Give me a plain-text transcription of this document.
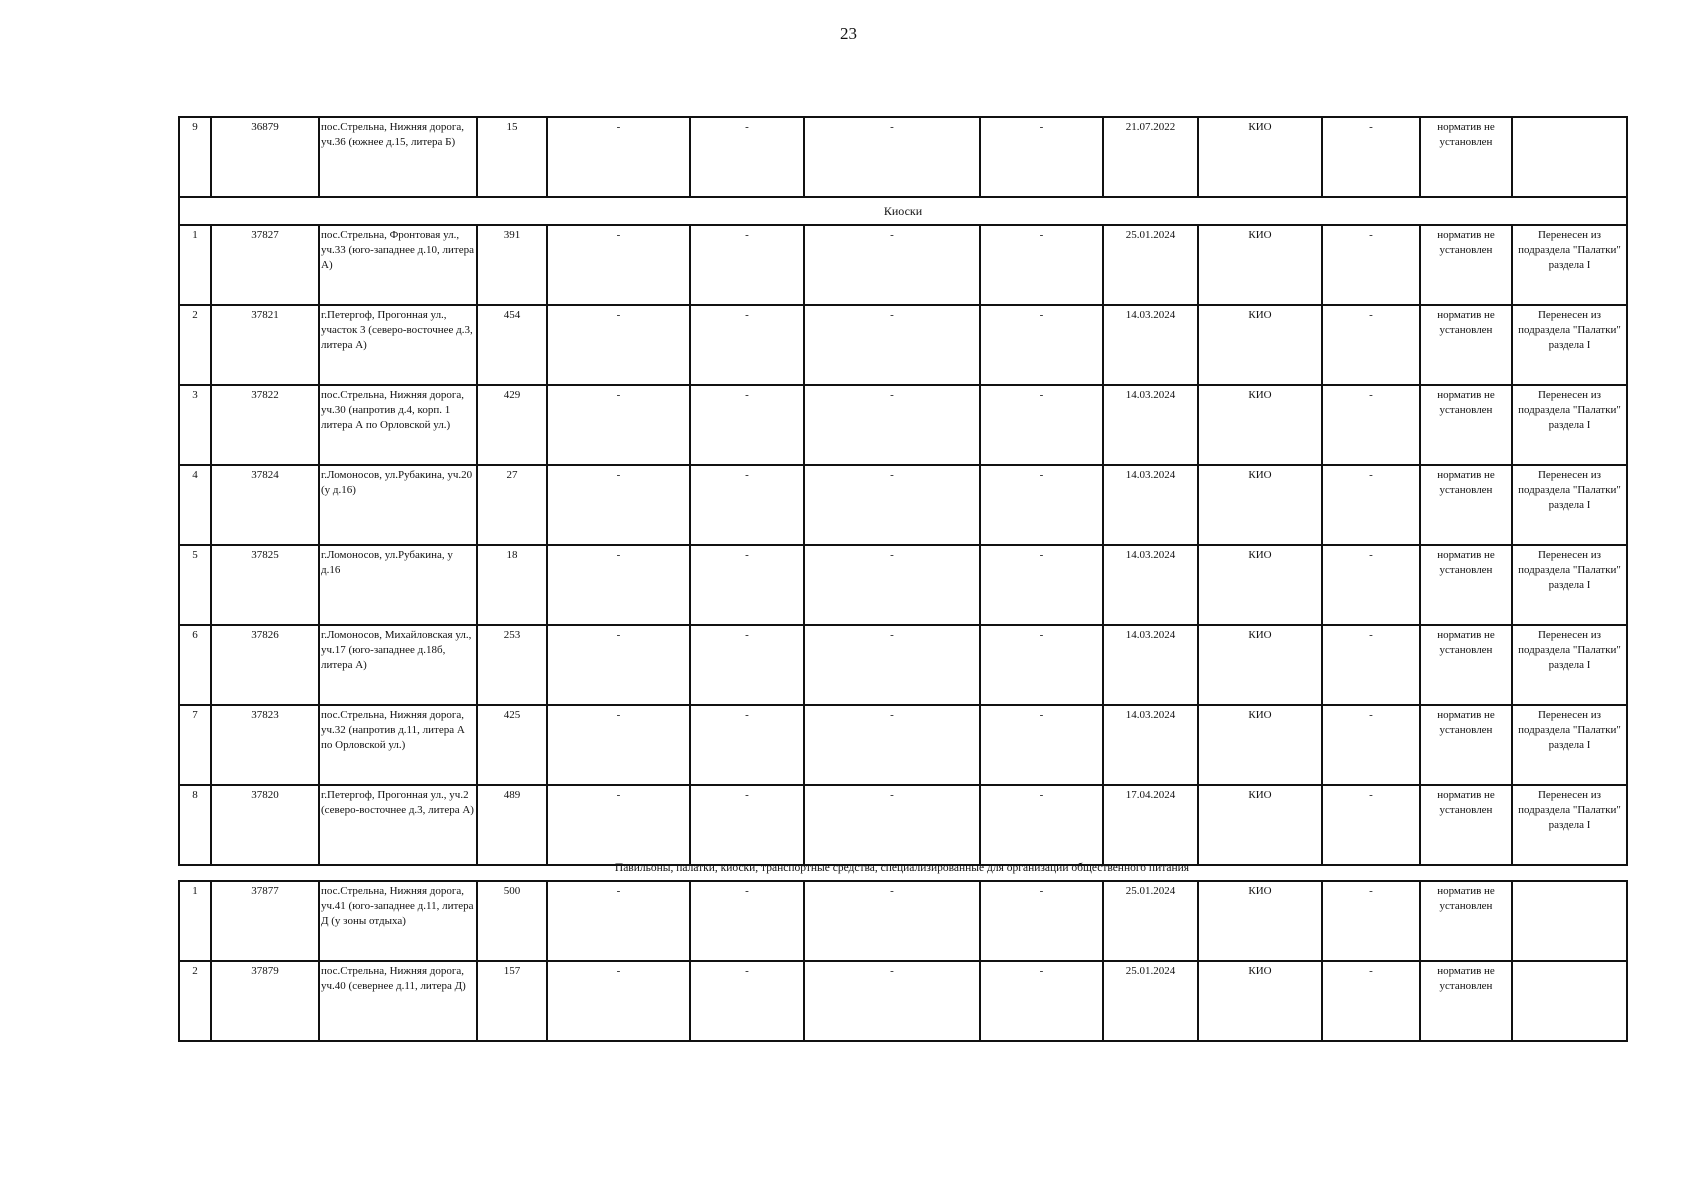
23
9	36879	пос.Стрельна, Нижняя дорога, уч.36 (южнее д.15, литера Б)	15	-	-	-	-	21.07.2022	КИО	-	норматив не установлен	
Киоски												
1	37827	пос.Стрельна, Фронтовая ул., уч.33 (юго-западнее д.10, литера А)	391	-	-	-	-	25.01.2024	КИО	-	норматив не установлен	Перенесен из подраздела "Палатки" раздела I
2	37821	г.Петергоф, Прогонная ул., участок 3 (северо-восточнее д.3, литера А)	454	-	-	-	-	14.03.2024	КИО	-	норматив не установлен	Перенесен из подраздела "Палатки" раздела I
3	37822	пос.Стрельна, Нижняя дорога, уч.30 (напротив д.4, корп. 1 литера А по Орловской ул.)	429	-	-	-	-	14.03.2024	КИО	-	норматив не установлен	Перенесен из подраздела "Палатки" раздела I
4	37824	г.Ломоносов, ул.Рубакина, уч.20 (у д.16)	27	-	-	-	-	14.03.2024	КИО	-	норматив не установлен	Перенесен из подраздела "Палатки" раздела I
5	37825	г.Ломоносов, ул.Рубакина, у д.16	18	-	-	-	-	14.03.2024	КИО	-	норматив не установлен	Перенесен из подраздела "Палатки" раздела I
6	37826	г.Ломоносов, Михайловская ул., уч.17 (юго-западнее д.18б, литера А)	253	-	-	-	-	14.03.2024	КИО	-	норматив не установлен	Перенесен из подраздела "Палатки" раздела I
7	37823	пос.Стрельна, Нижняя дорога, уч.32 (напротив д.11, литера А по Орловской ул.)	425	-	-	-	-	14.03.2024	КИО	-	норматив не установлен	Перенесен из подраздела "Палатки" раздела I
8	37820	г.Петергоф, Прогонная ул., уч.2 (северо-восточнее д.3, литера А)	489	-	-	-	-	17.04.2024	КИО	-	норматив не установлен	Перенесен из подраздела "Палатки" раздела I
Павильоны, палатки, киоски, транспортные средства, специализированные для организации общественного питания
1	37877	пос.Стрельна, Нижняя дорога, уч.41 (юго-западнее д.11, литера Д (у зоны отдыха)	500	-	-	-	-	25.01.2024	КИО	-	норматив не установлен	
2	37879	пос.Стрельна, Нижняя дорога, уч.40 (севернее д.11, литера Д)	157	-	-	-	-	25.01.2024	КИО	-	норматив не установлен	
